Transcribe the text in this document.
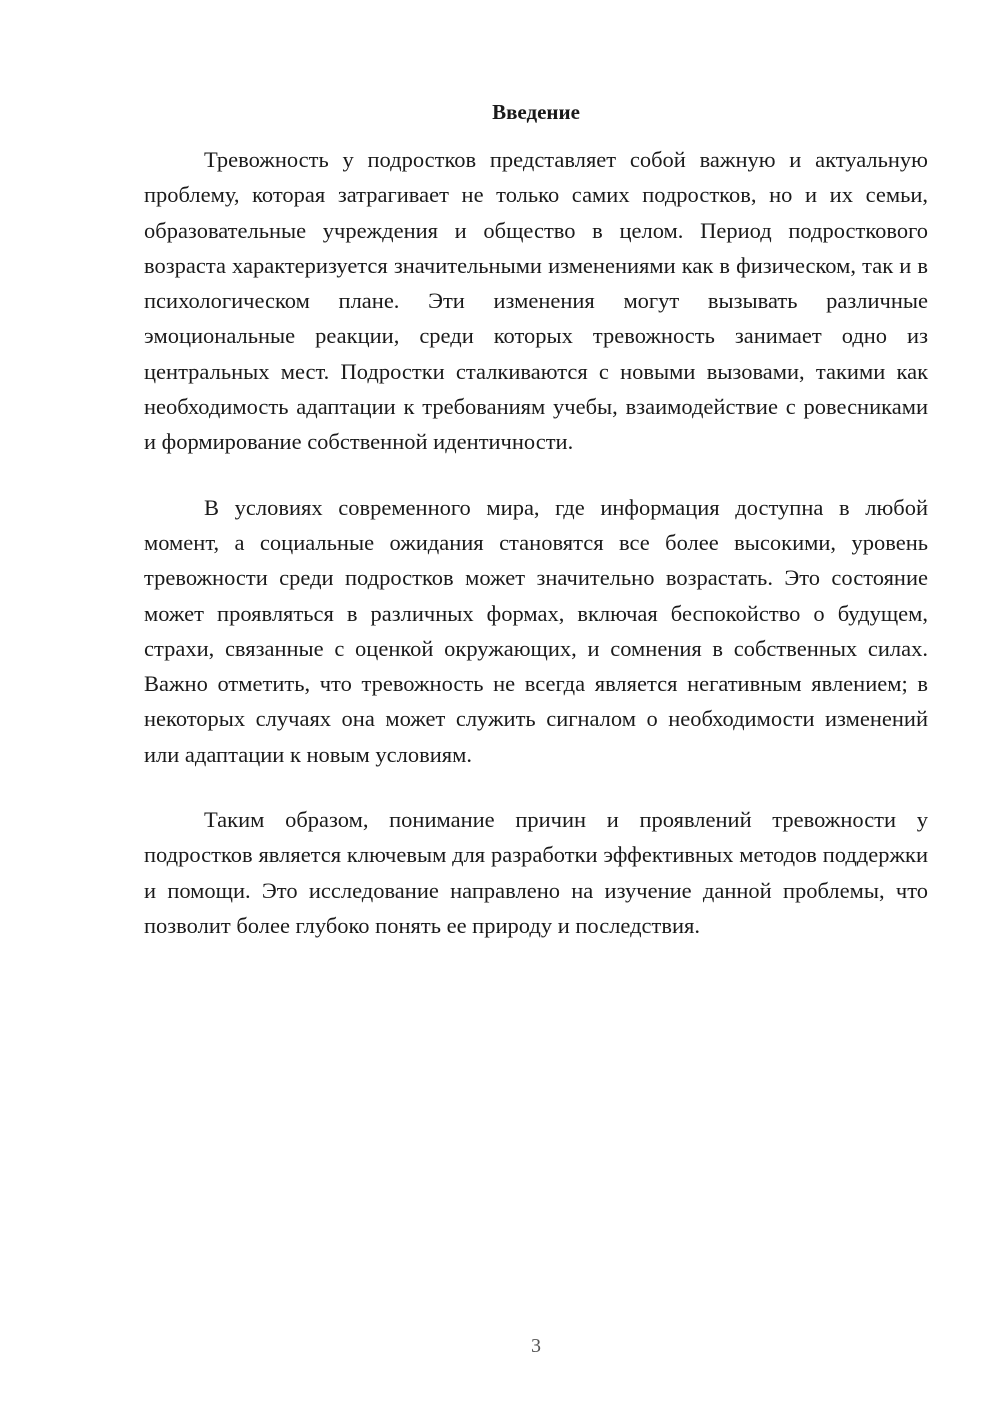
Введение

Тревожность у подростков представляет собой важную и актуальную проблему, которая затрагивает не только самих подростков, но и их семьи, образовательные учреждения и общество в целом. Период подросткового возраста характеризуется значительными изменениями как в физическом, так и в психологическом плане. Эти изменения могут вызывать различные эмоциональные реакции, среди которых тревожность занимает одно из центральных мест. Подростки сталкиваются с новыми вызовами, такими как необходимость адаптации к требованиям учебы, взаимодействие с ровесниками и формирование собственной идентичности.

В условиях современного мира, где информация доступна в любой момент, а социальные ожидания становятся все более высокими, уровень тревожности среди подростков может значительно возрастать. Это состояние может проявляться в различных формах, включая беспокойство о будущем, страхи, связанные с оценкой окружающих, и сомнения в собственных силах. Важно отметить, что тревожность не всегда является негативным явлением; в некоторых случаях она может служить сигналом о необходимости изменений или адаптации к новым условиям.

Таким образом, понимание причин и проявлений тревожности у подростков является ключевым для разработки эффективных методов поддержки и помощи. Это исследование направлено на изучение данной проблемы, что позволит более глубоко понять ее природу и последствия.

3
